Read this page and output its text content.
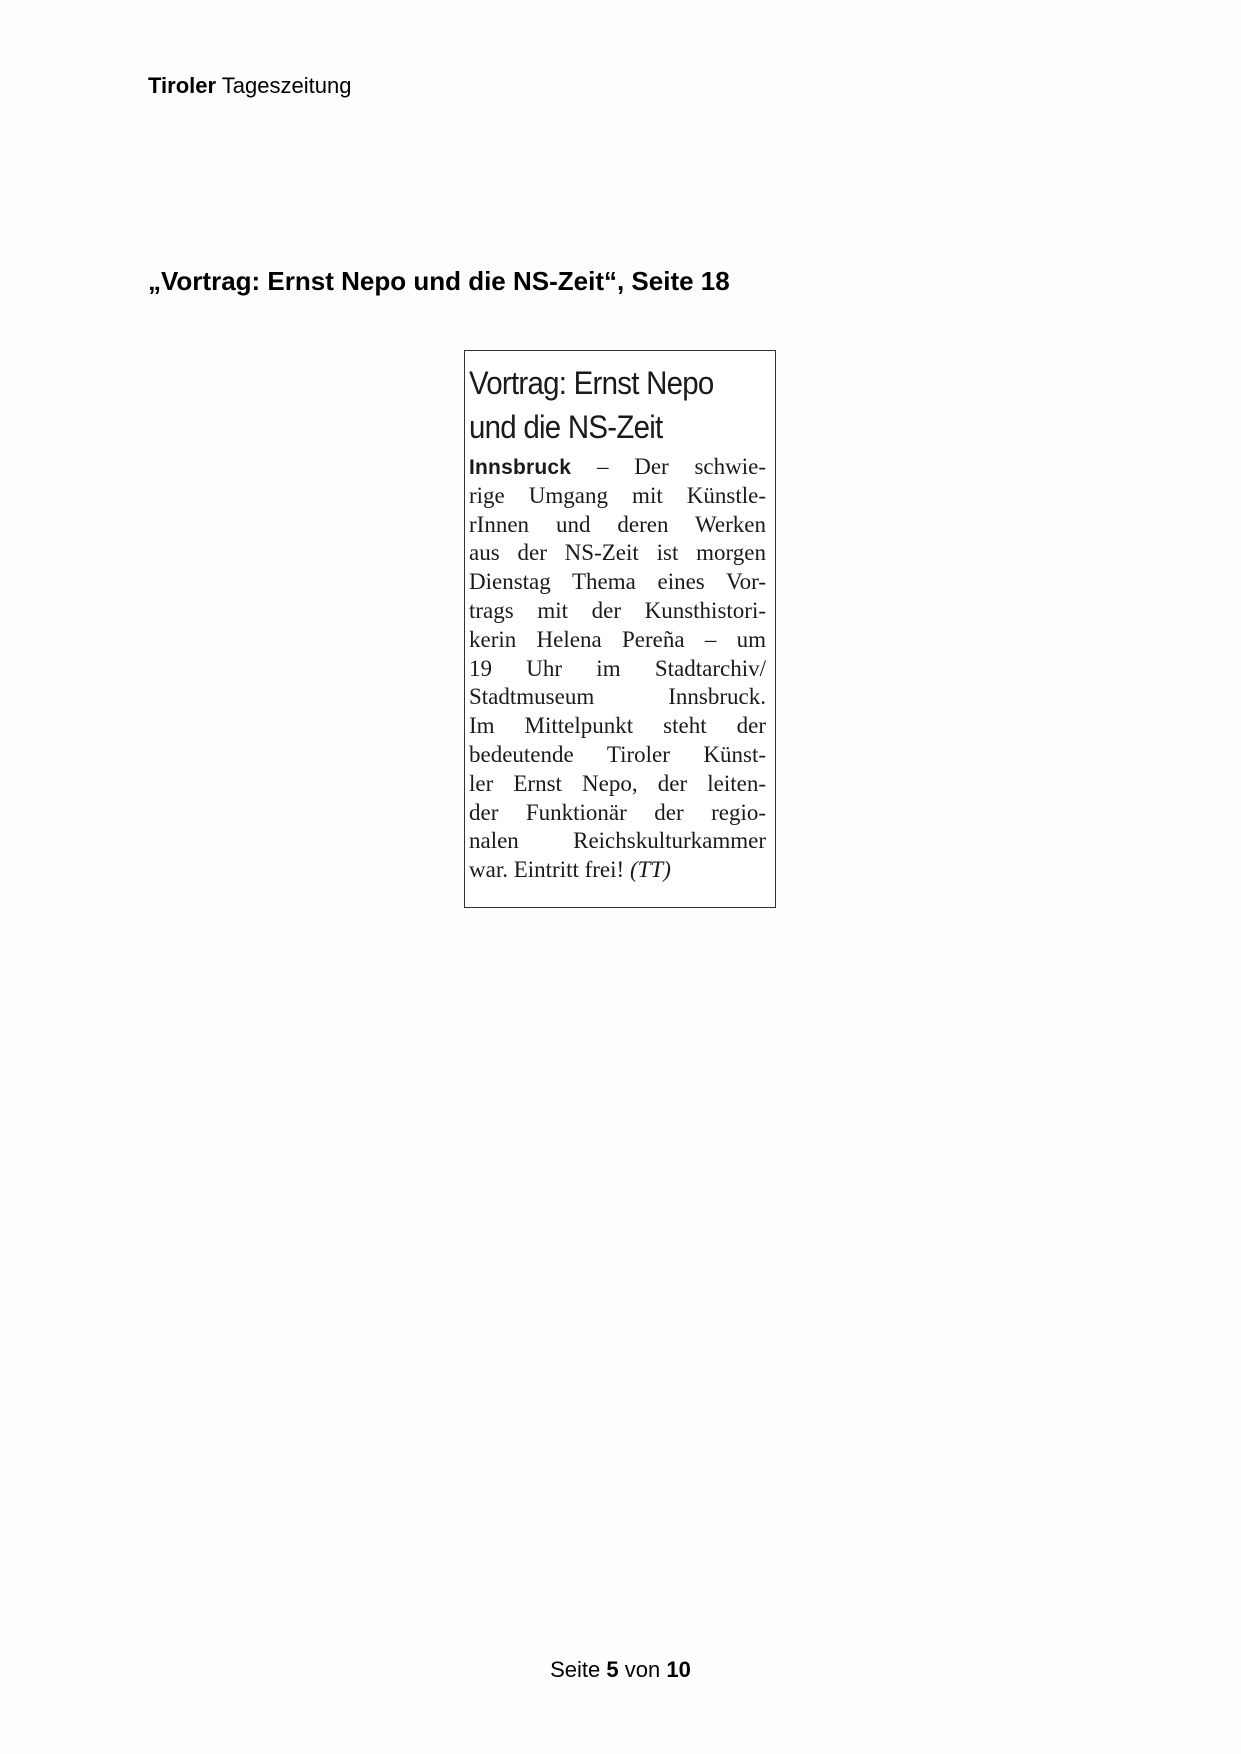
Tiroler Tageszeitung
„Vortrag: Ernst Nepo und die NS-Zeit“, Seite 18
Vortrag: Ernst Nepo
und die NS-Zeit
Innsbruck – Der schwie-
rige Umgang mit Künstle-
rInnen und deren Werken
aus der NS-Zeit ist morgen
Dienstag Thema eines Vor-
trags mit der Kunsthistori-
kerin Helena Pereña – um
19 Uhr im Stadtarchiv/
Stadtmuseum Innsbruck.
Im Mittelpunkt steht der
bedeutende Tiroler Künst-
ler Ernst Nepo, der leiten-
der Funktionär der regio-
nalen Reichskulturkammer
war. Eintritt frei! (TT)
Seite 5 von 10
